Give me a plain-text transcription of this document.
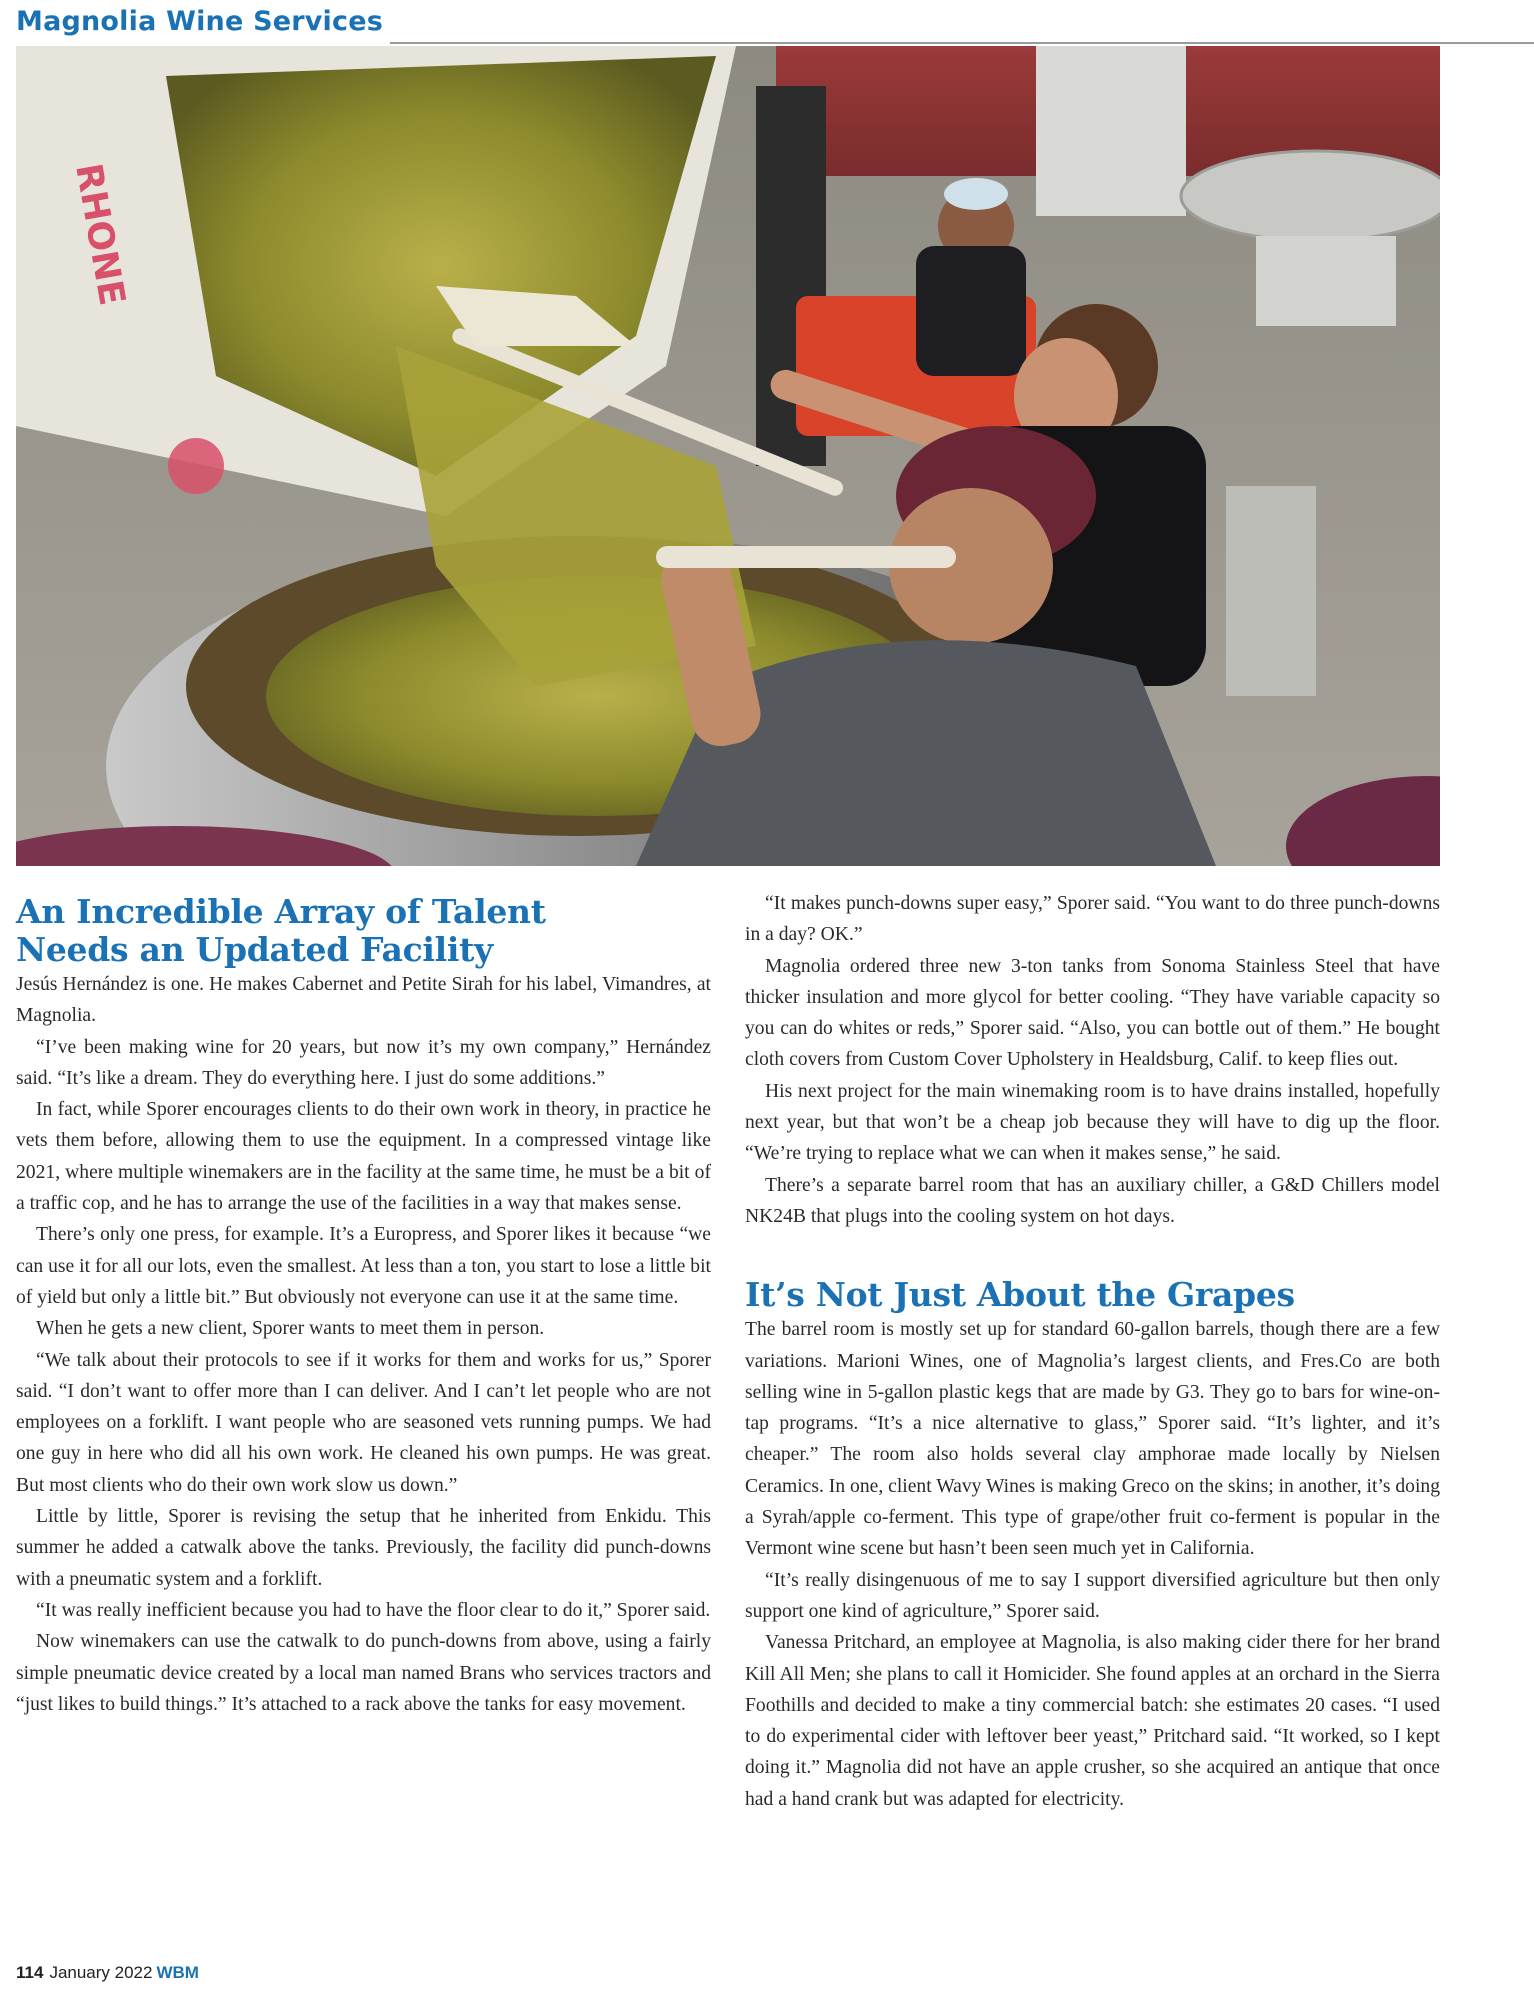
Magnolia Wine Services
RHONE
An Incredible Array of Talent
Needs an Updated Facility

Jesús Hernández is one. He makes Cabernet and Petite Sirah for his label, Vimandres, at Magnolia.

“I’ve been making wine for 20 years, but now it’s my own company,” Hernández said. “It’s like a dream. They do everything here. I just do some additions.”

In fact, while Sporer encourages clients to do their own work in theory, in practice he vets them before, allowing them to use the equipment. In a compressed vintage like 2021, where multiple winemakers are in the facility at the same time, he must be a bit of a traffic cop, and he has to arrange the use of the facilities in a way that makes sense.

There’s only one press, for example. It’s a Europress, and Sporer likes it because “we can use it for all our lots, even the smallest. At less than a ton, you start to lose a little bit of yield but only a little bit.” But obviously not everyone can use it at the same time.

When he gets a new client, Sporer wants to meet them in person.

“We talk about their protocols to see if it works for them and works for us,” Sporer said. “I don’t want to offer more than I can deliver. And I can’t let people who are not employees on a forklift. I want people who are seasoned vets running pumps. We had one guy in here who did all his own work. He cleaned his own pumps. He was great. But most clients who do their own work slow us down.”

Little by little, Sporer is revising the setup that he inherited from Enkidu. This summer he added a catwalk above the tanks. Previously, the facility did punch-downs with a pneumatic system and a forklift.

“It was really inefficient because you had to have the floor clear to do it,” Sporer said.

Now winemakers can use the catwalk to do punch-downs from above, using a fairly simple pneumatic device created by a local man named Brans who services tractors and “just likes to build things.” It’s attached to a rack above the tanks for easy movement.

“It makes punch-downs super easy,” Sporer said. “You want to do three punch-downs in a day? OK.”

Magnolia ordered three new 3-ton tanks from Sonoma Stainless Steel that have thicker insulation and more glycol for better cooling. “They have variable capacity so you can do whites or reds,” Sporer said. “Also, you can bottle out of them.” He bought cloth covers from Custom Cover Upholstery in Healdsburg, Calif. to keep flies out.

His next project for the main winemaking room is to have drains installed, hopefully next year, but that won’t be a cheap job because they will have to dig up the floor. “We’re trying to replace what we can when it makes sense,” he said.

There’s a separate barrel room that has an auxiliary chiller, a G&D Chillers model NK24B that plugs into the cooling system on hot days.

It’s Not Just About the Grapes

The barrel room is mostly set up for standard 60-gallon barrels, though there are a few variations. Marioni Wines, one of Magnolia’s largest clients, and Fres.Co are both selling wine in 5-gallon plastic kegs that are made by G3. They go to bars for wine-on-tap programs. “It’s a nice alternative to glass,” Sporer said. “It’s lighter, and it’s cheaper.” The room also holds several clay amphorae made locally by Nielsen Ceramics. In one, client Wavy Wines is making Greco on the skins; in another, it’s doing a Syrah/apple co-ferment. This type of grape/other fruit co-ferment is popular in the Vermont wine scene but hasn’t been seen much yet in California.

“It’s really disingenuous of me to say I support diversified agriculture but then only support one kind of agriculture,” Sporer said.

Vanessa Pritchard, an employee at Magnolia, is also making cider there for her brand Kill All Men; she plans to call it Homicider. She found apples at an orchard in the Sierra Foothills and decided to make a tiny commercial batch: she estimates 20 cases. “I used to do experimental cider with leftover beer yeast,” Pritchard said. “It worked, so I kept doing it.” Magnolia did not have an apple crusher, so she acquired an antique that once had a hand crank but was adapted for electricity.

114 January 2022 WBM
